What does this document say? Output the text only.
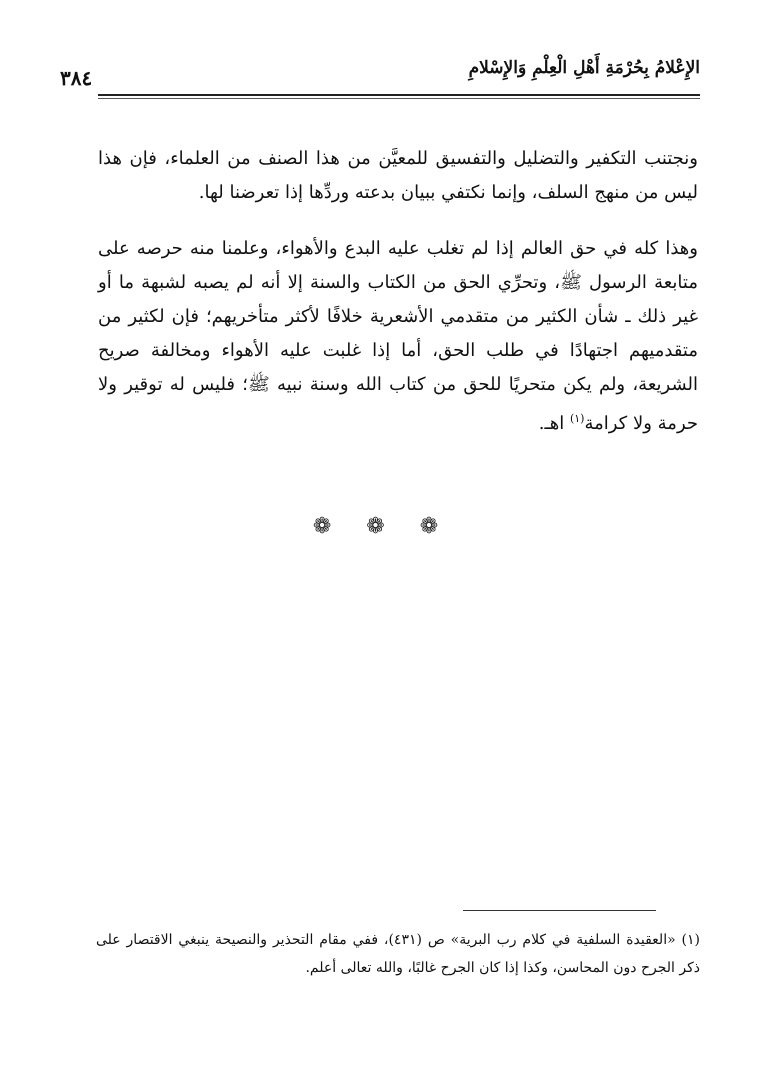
الإِعْلامُ بِحُرْمَةِ أَهْلِ الْعِلْمِ وَالإِسْلامِ
٣٨٤

ونجتنب التكفير والتضليل والتفسيق للمعيَّن من هذا الصنف من العلماء، فإن هذا ليس من منهج السلف، وإنما نكتفي ببيان بدعته وردِّها إذا تعرضنا لها.

وهذا كله في حق العالم إذا لم تغلب عليه البدع والأهواء، وعلمنا منه حرصه على متابعة الرسول ﷺ، وتحرِّي الحق من الكتاب والسنة إلا أنه لم يصبه لشبهة ما أو غير ذلك ـ شأن الكثير من متقدمي الأشعرية خلافًا لأكثر متأخريهم؛ فإن لكثير من متقدميهم اجتهادًا في طلب الحق، أما إذا غلبت عليه الأهواء ومخالفة صريح الشريعة، ولم يكن متحريًا للحق من كتاب الله وسنة نبيه ﷺ؛ فليس له توقير ولا حرمة ولا كرامة$^{(١)}$ اهـ.

❁ ❁ ❁
(١) «العقيدة السلفية في كلام رب البرية» ص (٤٣١)، ففي مقام التحذير والنصيحة ينبغي الاقتصار على ذكر الجرح دون المحاسن، وكذا إذا كان الجرح غالبًا، والله تعالى أعلم.
